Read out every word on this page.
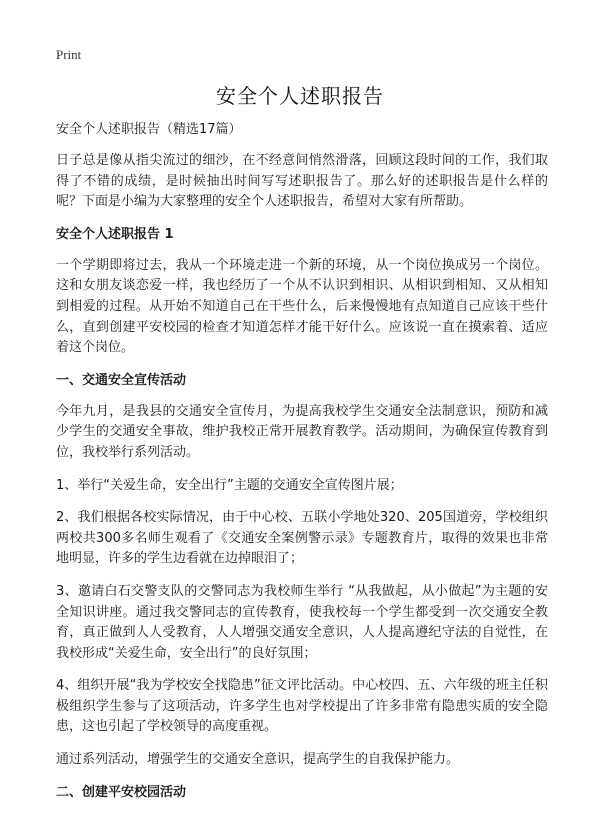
Print
安全个人述职报告
安全个人述职报告（精选17篇）

日子总是像从指尖流过的细沙，在不经意间悄然滑落，回顾这段时间的工作，我们取得了不错的成绩，是时候抽出时间写写述职报告了。那么好的述职报告是什么样的呢？下面是小编为大家整理的安全个人述职报告，希望对大家有所帮助。

安全个人述职报告 1

一个学期即将过去，我从一个环境走进一个新的环境，从一个岗位换成另一个岗位。这和女朋友谈恋爱一样，我也经历了一个从不认识到相识、从相识到相知、又从相知到相爱的过程。从开始不知道自己在干些什么，后来慢慢地有点知道自己应该干些什么，直到创建平安校园的检查才知道怎样才能干好什么。应该说一直在摸索着、适应着这个岗位。

一、交通安全宣传活动

今年九月，是我县的交通安全宣传月，为提高我校学生交通安全法制意识，预防和减少学生的交通安全事故，维护我校正常开展教育教学。活动期间，为确保宣传教育到位，我校举行系列活动。

1、举行“关爱生命，安全出行”主题的交通安全宣传图片展；

2、我们根据各校实际情况，由于中心校、五联小学地处320、205国道旁，学校组织两校共300多名师生观看了《交通安全案例警示录》专题教育片，取得的效果也非常地明显，许多的学生边看就在边掉眼泪了；

3、邀请白石交警支队的交警同志为我校师生举行 “从我做起，从小做起”为主题的安全知识讲座。通过我交警同志的宣传教育，使我校每一个学生都受到一次交通安全教育，真正做到人人受教育，人人增强交通安全意识，人人提高遵纪守法的自觉性，在我校形成“关爱生命，安全出行”的良好氛围；

4、组织开展“我为学校安全找隐患”征文评比活动。中心校四、五、六年级的班主任积极组织学生参与了这项活动，许多学生也对学校提出了许多非常有隐患实质的安全隐患，这也引起了学校领导的高度重视。

通过系列活动，增强学生的交通安全意识，提高学生的自我保护能力。

二、创建平安校园活动
